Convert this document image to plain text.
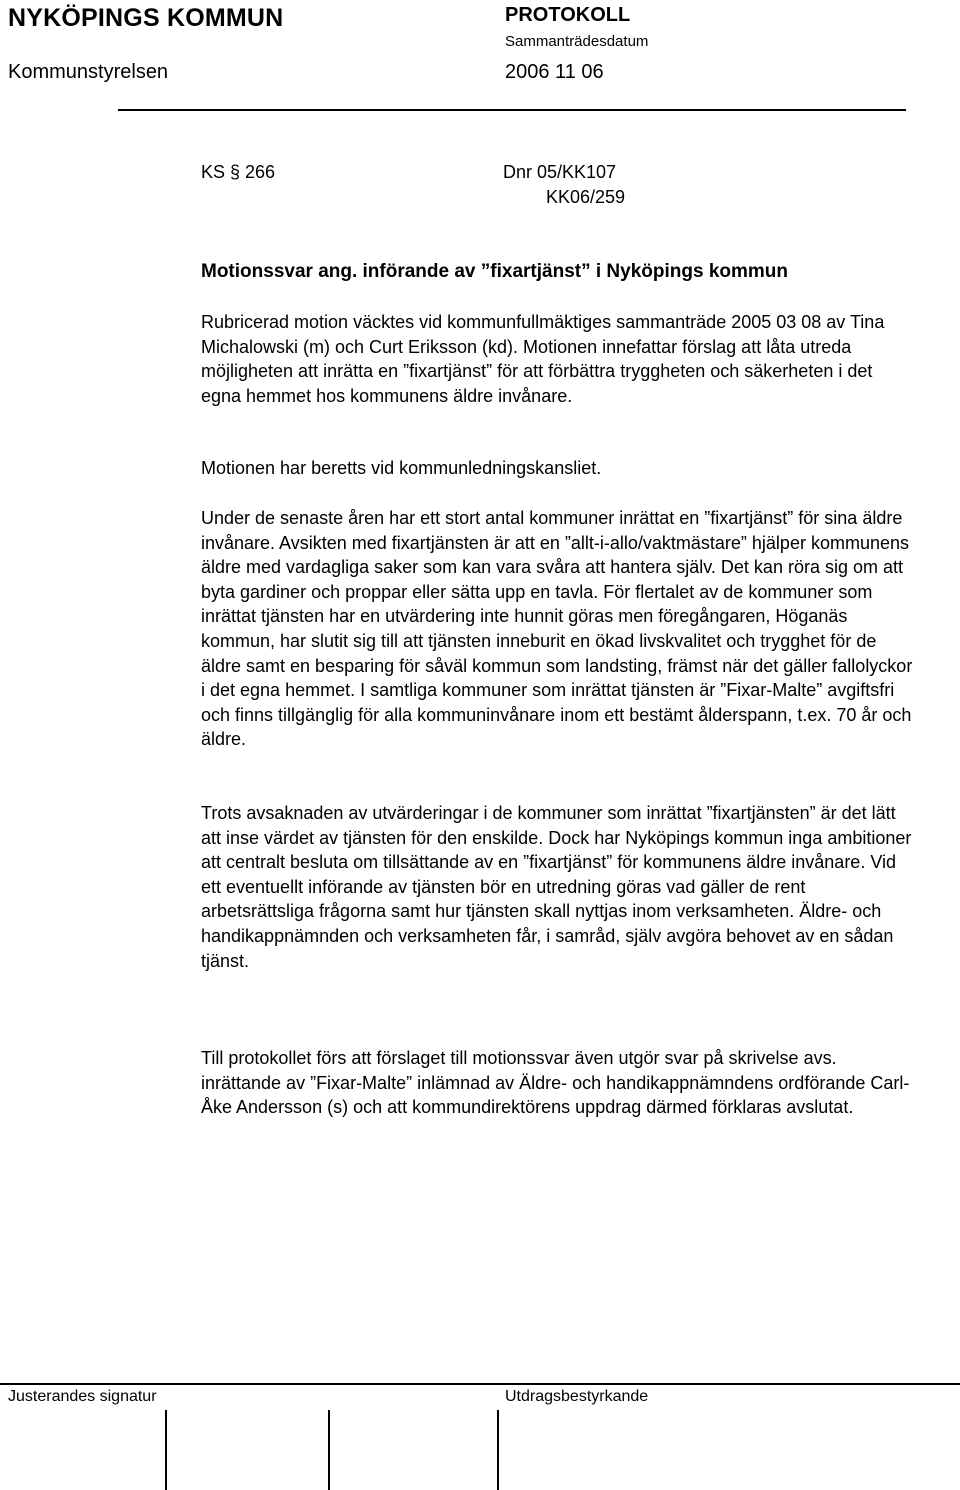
NYKÖPINGS KOMMUN
Kommunstyrelsen
PROTOKOLL
Sammanträdesdatum
2006 11 06
KS § 266	Dnr 05/KK107
KK06/259
Motionssvar ang. införande av ”fixartjänst” i Nyköpings kommun
Rubricerad motion väcktes vid kommunfullmäktiges sammanträde 2005 03 08 av Tina Michalowski (m) och Curt Eriksson (kd). Motionen innefattar förslag att låta utreda möjligheten att inrätta en ”fixartjänst” för att förbättra tryggheten och säkerheten i det egna hemmet hos kommunens äldre invånare.
Motionen har beretts vid kommunledningskansliet.
Under de senaste åren har ett stort antal kommuner inrättat en ”fixartjänst” för sina äldre invånare. Avsikten med fixartjänsten är att en ”allt-i-allo/vaktmästare” hjälper kommunens äldre med vardagliga saker som kan vara svåra att hantera själv. Det kan röra sig om att byta gardiner och proppar eller sätta upp en tavla. För flertalet av de kommuner som inrättat tjänsten har en utvärdering inte hunnit göras men föregångaren, Höganäs kommun, har slutit sig till att tjänsten inneburit en ökad livskvalitet och trygghet för de äldre samt en besparing för såväl kommun som landsting, främst när det gäller fallolyckor i det egna hemmet. I samtliga kommuner som inrättat tjänsten är ”Fixar-Malte” avgiftsfri och finns tillgänglig för alla kommuninvånare inom ett bestämt ålderspann, t.ex. 70 år och äldre.
Trots avsaknaden av utvärderingar i de kommuner som inrättat ”fixartjänsten” är det lätt att inse värdet av tjänsten för den enskilde. Dock har Nyköpings kommun inga ambitioner att centralt besluta om tillsättande av en ”fixartjänst” för kommunens äldre invånare. Vid ett eventuellt införande av tjänsten bör en utredning göras vad gäller de rent arbetsrättsliga frågorna samt hur tjänsten skall nyttjas inom verksamheten. Äldre- och handikappnämnden och verksamheten får, i samråd, själv avgöra behovet av en sådan tjänst.
Till protokollet förs att förslaget till motionssvar även utgör svar på skrivelse avs. inrättande av ”Fixar-Malte” inlämnad av Äldre- och handikappnämndens ordförande Carl-Åke Andersson (s) och att kommundirektörens uppdrag därmed förklaras avslutat.
Justerandes signatur	Utdragsbestyrkande
